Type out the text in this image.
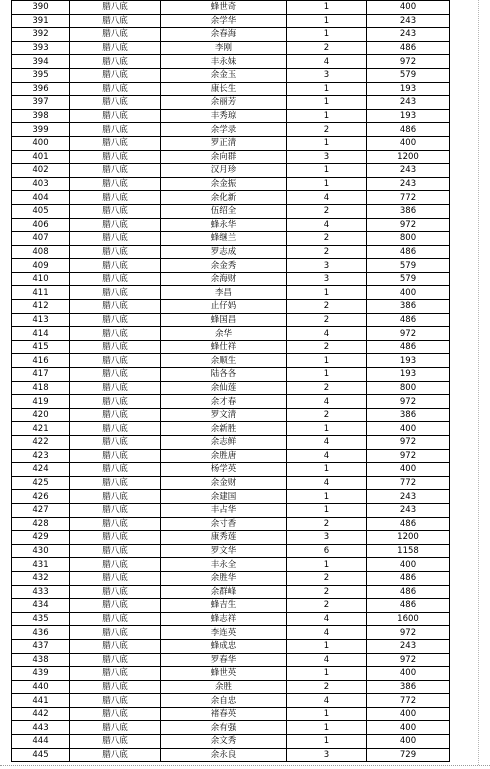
390	腊八底	蜂世奇	1	400
391	腊八底	余学华	1	243
392	腊八底	余春海	1	243
393	腊八底	李刚	2	486
394	腊八底	丰永妹	4	972
395	腊八底	余金玉	3	579
396	腊八底	康长生	1	193
397	腊八底	余丽芳	1	243
398	腊八底	丰秀琼	1	193
399	腊八底	余学录	2	486
400	腊八底	罗正清	1	400
401	腊八底	余向群	3	1200
402	腊八底	汉月珍	1	243
403	腊八底	余金振	1	243
404	腊八底	余化新	4	772
405	腊八底	伍绍全	2	386
406	腊八底	蜂永华	4	972
407	腊八底	蜂继兰	2	800
408	腊八底	罗志成	2	486
409	腊八底	余金秀	3	579
410	腊八底	余海财	3	579
411	腊八底	李昌	1	400
412	腊八底	止仔妈	2	386
413	腊八底	蜂国昌	2	486
414	腊八底	余华	4	972
415	腊八底	蜂仕祥	2	486
416	腊八底	余顺生	1	193
417	腊八底	陆各各	1	193
418	腊八底	余仙莲	2	800
419	腊八底	余才春	4	972
420	腊八底	罗文清	2	386
421	腊八底	余新胜	1	400
422	腊八底	余志鲜	4	972
423	腊八底	余胜唐	4	972
424	腊八底	杨学英	1	400
425	腊八底	余金财	4	772
426	腊八底	余建国	1	243
427	腊八底	丰占华	1	243
428	腊八底	余寸香	2	486
429	腊八底	康秀莲	3	1200
430	腊八底	罗文华	6	1158
431	腊八底	丰永全	1	400
432	腊八底	余胜华	2	486
433	腊八底	余群峰	2	486
434	腊八底	蜂吉生	2	486
435	腊八底	蜂志祥	4	1600
436	腊八底	李连英	4	972
437	腊八底	蜂成忠	1	243
438	腊八底	罗春华	4	972
439	腊八底	蜂世英	1	400
440	腊八底	余胜	2	386
441	腊八底	余自忠	4	772
442	腊八底	褚春英	1	400
443	腊八底	余有强	1	400
444	腊八底	余文秀	1	400
445	腊八底	余永良	3	729
